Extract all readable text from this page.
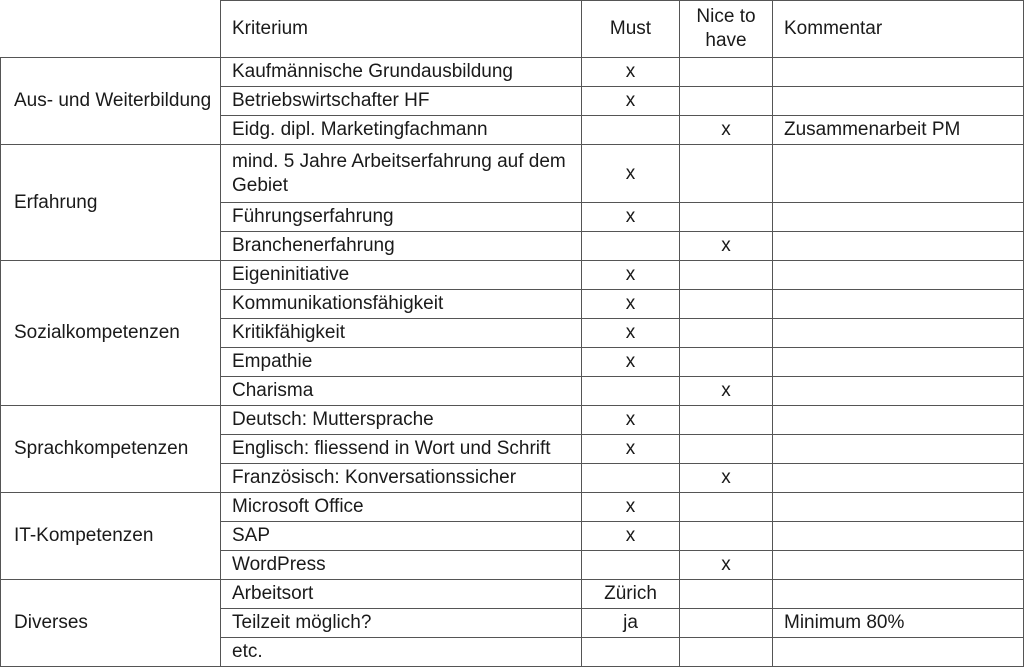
	Kriterium	Must	Nice to have	Kommentar
Aus- und Weiterbildung	Kaufmännische Grundausbildung	x		
	Betriebswirtschafter HF	x		
	Eidg. dipl. Marketingfachmann		x	Zusammenarbeit PM
Erfahrung	mind. 5 Jahre Arbeitserfahrung auf dem Gebiet	x		
	Führungserfahrung	x		
	Branchenerfahrung		x	
Sozialkompetenzen	Eigeninitiative	x		
	Kommunikationsfähigkeit	x		
	Kritikfähigkeit	x		
	Empathie	x		
	Charisma		x	
Sprachkompetenzen	Deutsch: Muttersprache	x		
	Englisch: fliessend in Wort und Schrift	x		
	Französisch: Konversationssicher		x	
IT-Kompetenzen	Microsoft Office	x		
	SAP	x		
	WordPress		x	
Diverses	Arbeitsort	Zürich		
	Teilzeit möglich?	ja		Minimum 80%
	etc.			
